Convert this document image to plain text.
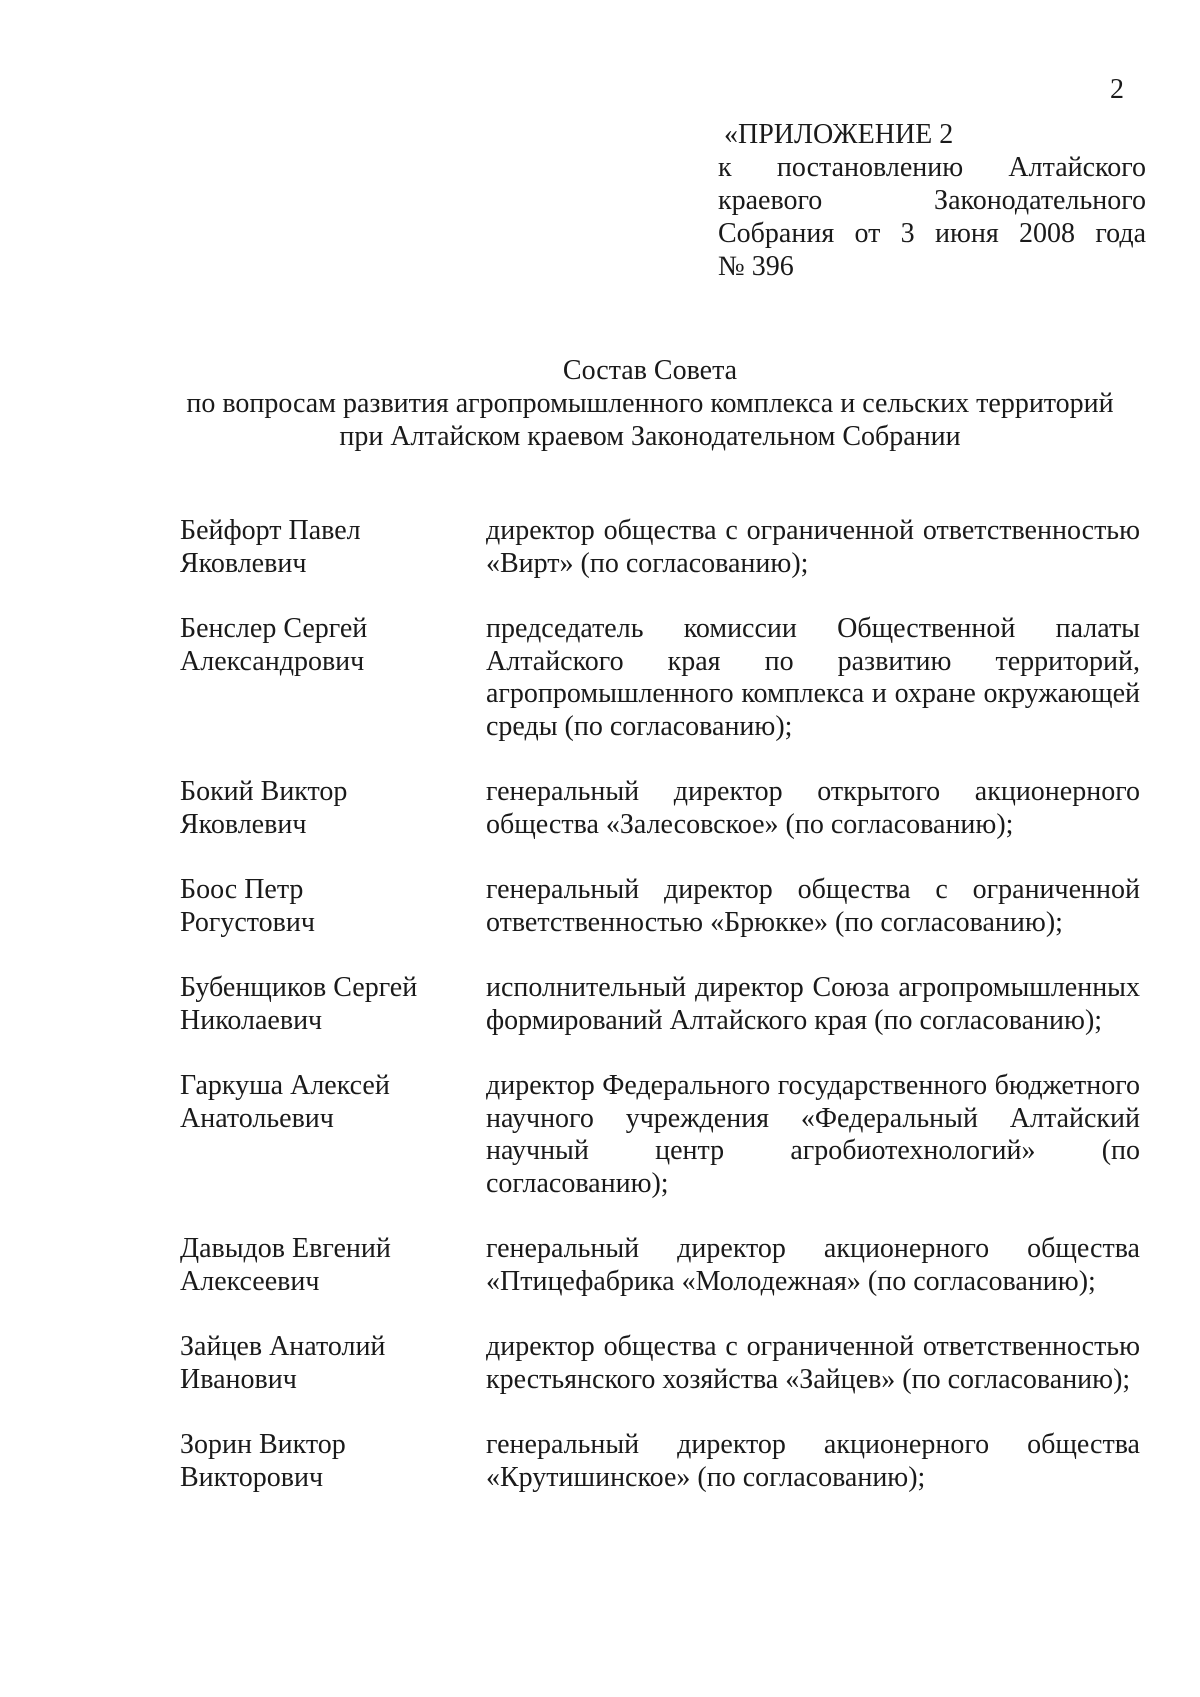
2
«ПРИЛОЖЕНИЕ 2
к постановлению Алтайского
краевого Законодательного
Собрания от 3 июня 2008 года
№ 396
Состав Совета
по вопросам развития агропромышленного комплекса и сельских территорий
при Алтайском краевом Законодательном Собрании
Бейфорт Павел
Яковлевич
директор общества с ограниченной ответственностью «Вирт» (по согласованию);
Бенслер Сергей
Александрович
председатель комиссии Общественной палаты Алтайского края по развитию территорий, агропромышленного комплекса и охране окружающей среды (по согласованию);
Бокий Виктор
Яковлевич
генеральный директор открытого акционерного общества «Залесовское» (по согласованию);
Боос Петр
Рогустович
генеральный директор общества с ограниченной ответственностью «Брюкке» (по согласованию);
Бубенщиков Сергей
Николаевич
исполнительный директор Союза агропромышленных формирований Алтайского края (по согласованию);
Гаркуша Алексей
Анатольевич
директор Федерального государственного бюджетного научного учреждения «Федеральный Алтайский научный центр агробиотехнологий» (по согласованию);
Давыдов Евгений
Алексеевич
генеральный директор акционерного общества «Птицефабрика «Молодежная» (по согласованию);
Зайцев Анатолий
Иванович
директор общества с ограниченной ответственностью крестьянского хозяйства «Зайцев» (по согласованию);
Зорин Виктор
Викторович
генеральный директор акционерного общества «Крутишинское» (по согласованию);
